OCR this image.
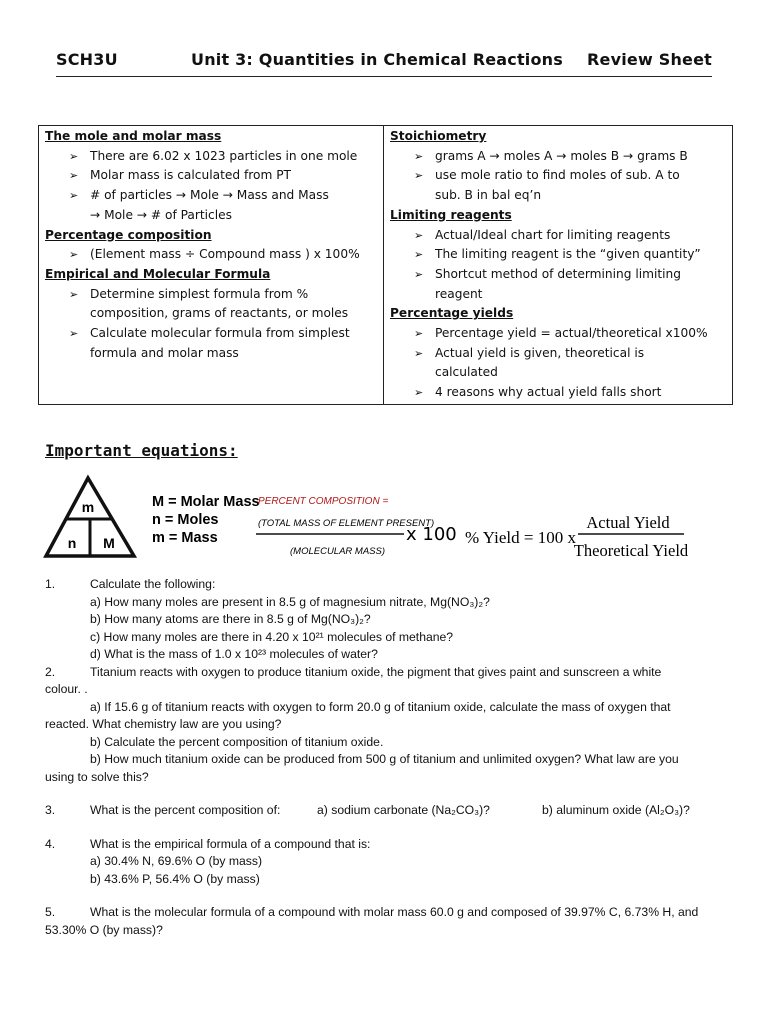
SCH3U	Unit 3: Quantities in Chemical Reactions Review Sheet
The mole and molar mass
➢ There are 6.02 x 1023 particles in one mole
➢ Molar mass is calculated from PT
➢ # of particles → Mole → Mass and Mass
→ Mole → # of Particles
Percentage composition
➢ (Element mass ÷ Compound mass ) x 100%
Empirical and Molecular Formula
➢ Determine simplest formula from %
composition, grams of reactants, or moles
➢ Calculate molecular formula from simplest
formula and molar mass
Stoichiometry
➢ grams A → moles A → moles B → grams B
➢ use mole ratio to find moles of sub. A to
sub. B in bal eq’n
Limiting reagents
➢ Actual/Ideal chart for limiting reagents
➢ The limiting reagent is the “given quantity”
➢ Shortcut method of determining limiting
reagent
Percentage yields
➢ Percentage yield = actual/theoretical x100%
➢ Actual yield is given, theoretical is
calculated
➢ 4 reasons why actual yield falls short
Important equations:
m
n M
M = Molar Mass
n = Moles
m = Mass
PERCENT COMPOSITION =
(TOTAL MASS OF ELEMENT PRESENT)
(MOLECULAR MASS)
x 100 % Yield = 100 x
Actual Yield
Theoretical Yield
1.	Calculate the following:
a) How many moles are present in 8.5 g of magnesium nitrate, Mg(NO₃)₂?
b) How many atoms are there in 8.5 g of Mg(NO₃)₂?
c) How many moles are there in 4.20 x 10²¹ molecules of methane?
d) What is the mass of 1.0 x 10²³ molecules of water?
2.	Titanium reacts with oxygen to produce titanium oxide, the pigment that gives paint and sunscreen a white
colour. .
a) If 15.6 g of titanium reacts with oxygen to form 20.0 g of titanium oxide, calculate the mass of oxygen that
reacted. What chemistry law are you using?
b) Calculate the percent composition of titanium oxide.
b) How much titanium oxide can be produced from 500 g of titanium and unlimited oxygen? What law are you
using to solve this?
3.	What is the percent composition of:	a) sodium carbonate (Na₂CO₃)?	b) aluminum oxide (Al₂O₃)?
4.	What is the empirical formula of a compound that is:
a) 30.4% N, 69.6% O (by mass)
b) 43.6% P, 56.4% O (by mass)
5.	What is the molecular formula of a compound with molar mass 60.0 g and composed of 39.97% C, 6.73% H, and
53.30% O (by mass)?
